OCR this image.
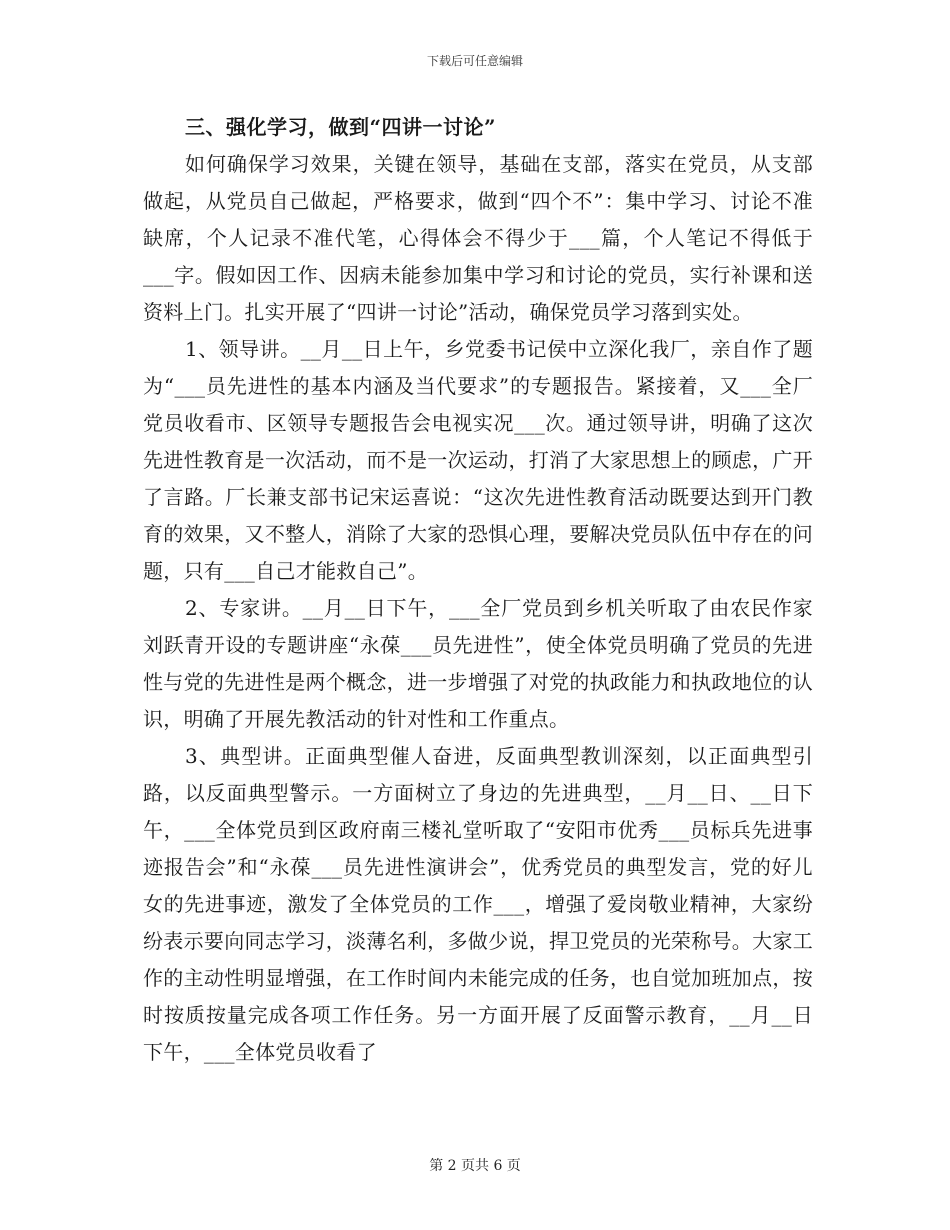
下载后可任意编辑

三、强化学习，做到“四讲一讨论”

如何确保学习效果，关键在领导，基础在支部，落实在党员，从支部做起，从党员自己做起，严格要求，做到“四个不”：集中学习、讨论不准缺席，个人记录不准代笔，心得体会不得少于___篇，个人笔记不得低于___字。假如因工作、因病未能参加集中学习和讨论的党员，实行补课和送资料上门。扎实开展了“四讲一讨论”活动，确保党员学习落到实处。

1、领导讲。__月__日上午，乡党委书记侯中立深化我厂，亲自作了题为“___员先进性的基本内涵及当代要求”的专题报告。紧接着，又___全厂党员收看市、区领导专题报告会电视实况___次。通过领导讲，明确了这次先进性教育是一次活动，而不是一次运动，打消了大家思想上的顾虑，广开了言路。厂长兼支部书记宋运喜说：“这次先进性教育活动既要达到开门教育的效果，又不整人，消除了大家的恐惧心理，要解决党员队伍中存在的问题，只有___自己才能救自己”。

2、专家讲。__月__日下午，___全厂党员到乡机关听取了由农民作家刘跃青开设的专题讲座“永葆___员先进性”，使全体党员明确了党员的先进性与党的先进性是两个概念，进一步增强了对党的执政能力和执政地位的认识，明确了开展先教活动的针对性和工作重点。

3、典型讲。正面典型催人奋进，反面典型教训深刻，以正面典型引路，以反面典型警示。一方面树立了身边的先进典型，__月__日、__日下午，___全体党员到区政府南三楼礼堂听取了“安阳市优秀___员标兵先进事迹报告会”和“永葆___员先进性演讲会”，优秀党员的典型发言，党的好儿女的先进事迹，激发了全体党员的工作___，增强了爱岗敬业精神，大家纷纷表示要向同志学习，淡薄名利，多做少说，捍卫党员的光荣称号。大家工作的主动性明显增强，在工作时间内未能完成的任务，也自觉加班加点，按时按质按量完成各项工作任务。另一方面开展了反面警示教育，__月__日下午，___全体党员收看了

第 2 页共 6 页
